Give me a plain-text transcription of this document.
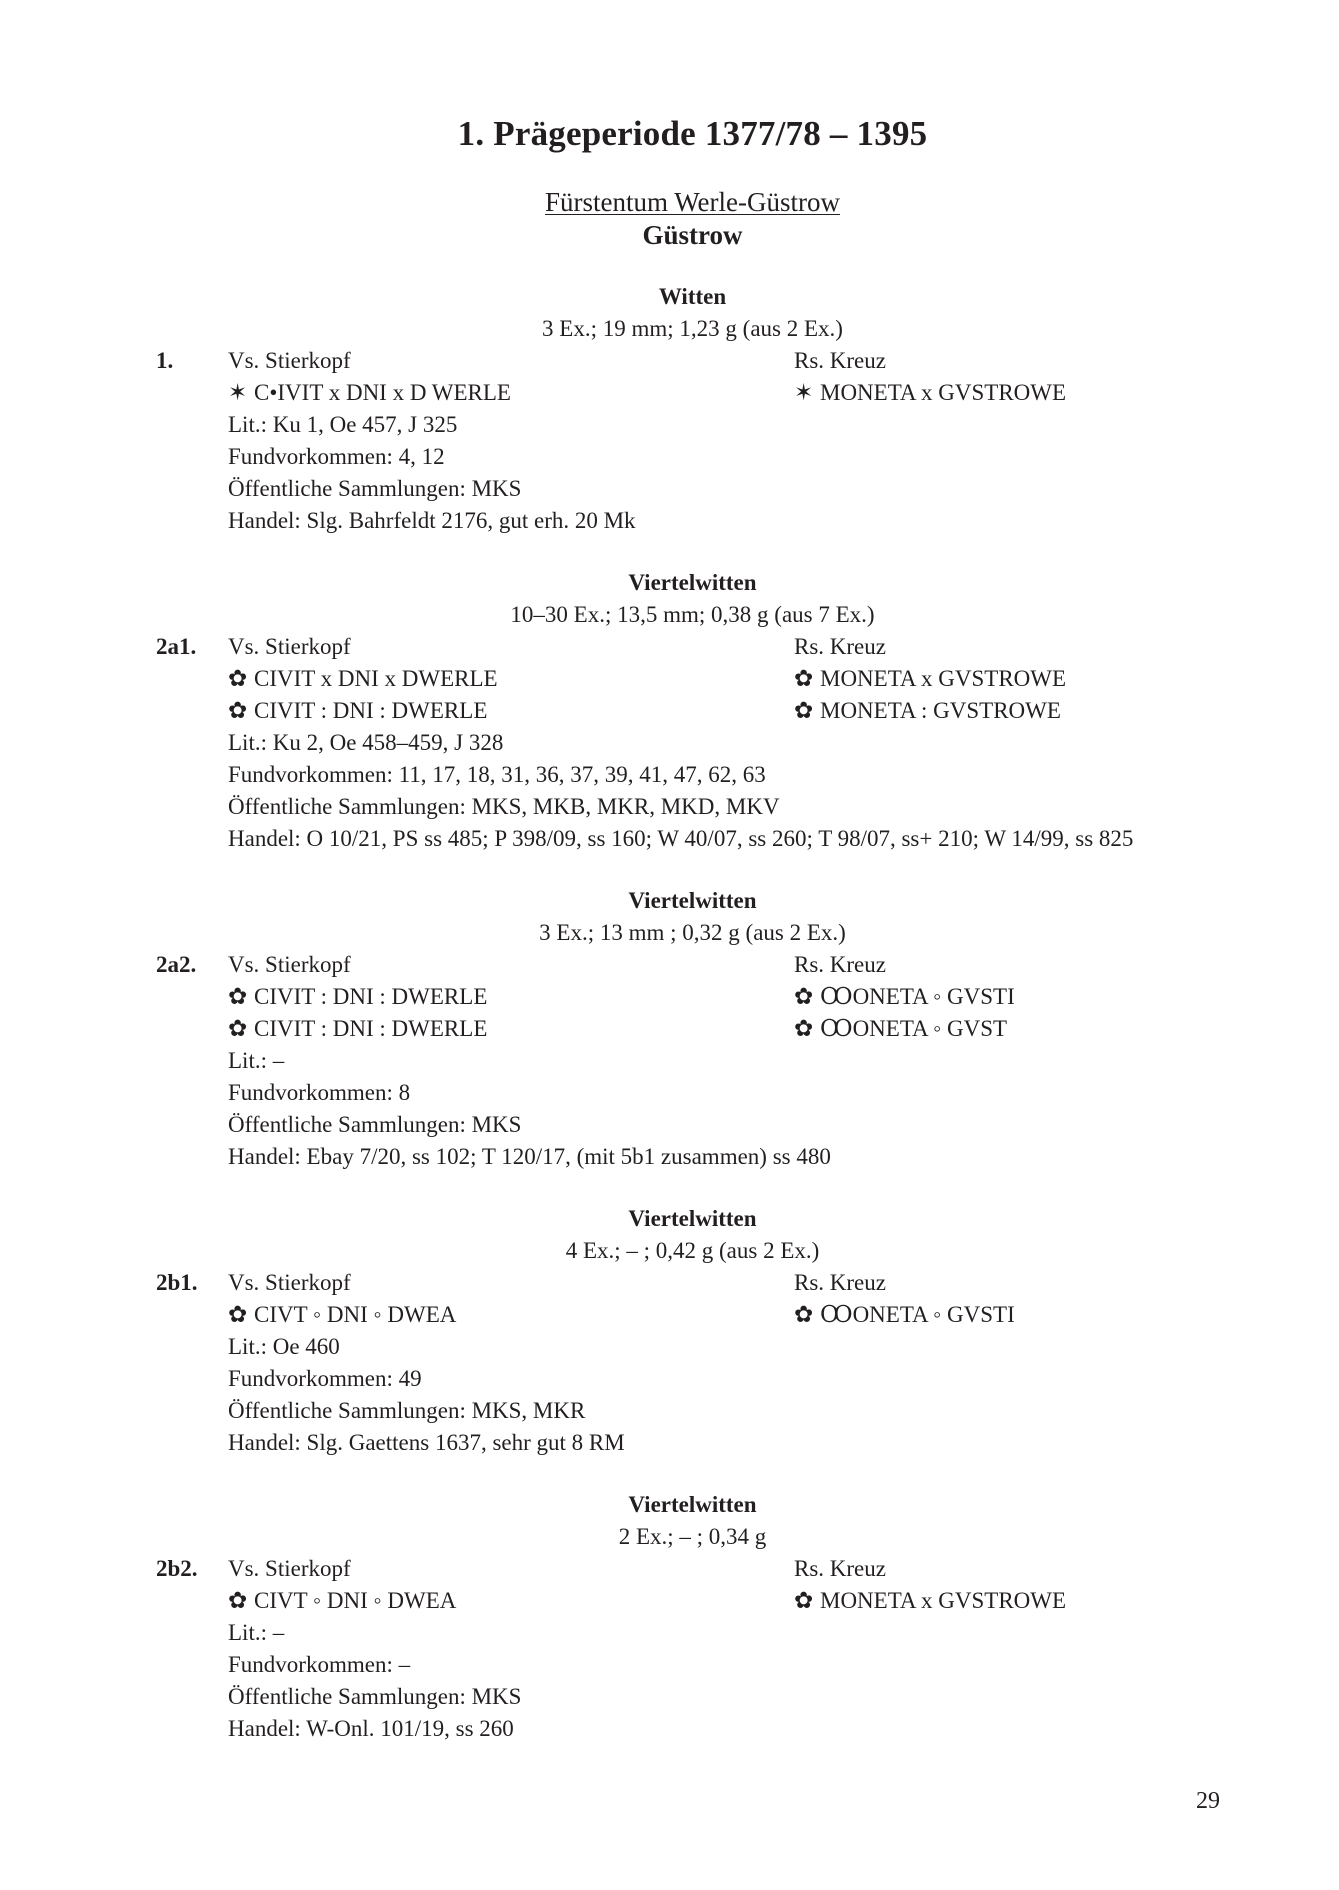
1. Prägeperiode 1377/78 – 1395
Fürstentum Werle-Güstrow
Güstrow
Witten
3 Ex.; 19 mm; 1,23 g (aus 2 Ex.)
1. Vs. Stierkopf	Rs. Kreuz
✶ C•IVIT x DNI x D WERLE	✶ MONETA x GVSTROWE
Lit.: Ku 1, Oe 457, J 325
Fundvorkommen: 4, 12
Öffentliche Sammlungen: MKS
Handel: Slg. Bahrfeldt 2176, gut erh. 20 Mk
Viertelwitten
10–30 Ex.; 13,5 mm; 0,38 g (aus 7 Ex.)
2a1. Vs. Stierkopf	Rs. Kreuz
✿ CIVIT x DNI x DWERLE	✿ MONETA x GVSTROWE
✿ CIVIT : DNI : DWERLE	✿ MONETA : GVSTROWE
Lit.: Ku 2, Oe 458–459, J 328
Fundvorkommen: 11, 17, 18, 31, 36, 37, 39, 41, 47, 62, 63
Öffentliche Sammlungen: MKS, MKB, MKR, MKD, MKV
Handel: O 10/21, PS ss 485; P 398/09, ss 160; W 40/07, ss 260; T 98/07, ss+ 210; W 14/99, ss 825
Viertelwitten
3 Ex.; 13 mm ; 0,32 g (aus 2 Ex.)
2a2. Vs. Stierkopf	Rs. Kreuz
✿ CIVIT : DNI : DWERLE	✿ ꝎONETA ◦ GVSTI
✿ CIVIT : DNI : DWERLE	✿ ꝎONETA ◦ GVST
Lit.: –
Fundvorkommen: 8
Öffentliche Sammlungen: MKS
Handel: Ebay 7/20, ss 102; T 120/17, (mit 5b1 zusammen) ss 480
Viertelwitten
4 Ex.; – ; 0,42 g (aus 2 Ex.)
2b1. Vs. Stierkopf	Rs. Kreuz
✿ CIVT ◦ DNI ◦ DWEA	✿ ꝎONETA ◦ GVSTI
Lit.: Oe 460
Fundvorkommen: 49
Öffentliche Sammlungen: MKS, MKR
Handel: Slg. Gaettens 1637, sehr gut 8 RM
Viertelwitten
2 Ex.; – ; 0,34 g
2b2. Vs. Stierkopf	Rs. Kreuz
✿ CIVT ◦ DNI ◦ DWEA	✿ MONETA x GVSTROWE
Lit.: –
Fundvorkommen: –
Öffentliche Sammlungen: MKS
Handel: W-Onl. 101/19, ss 260
29
